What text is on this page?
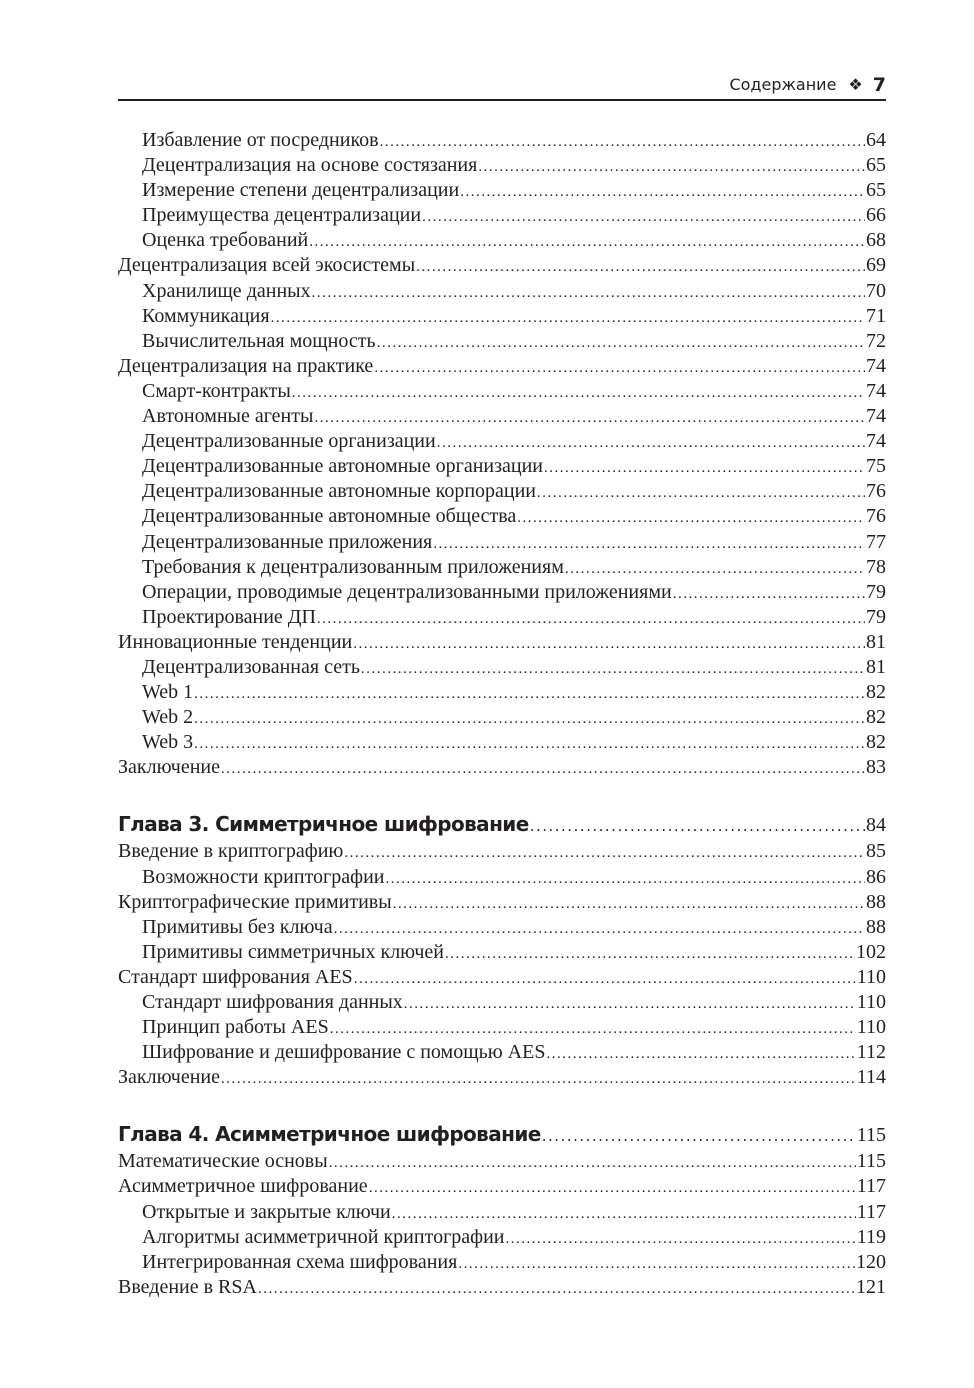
Содержание ❖ 7
Избавление от посредников .....	64
Децентрализация на основе состязания .....	65
Измерение степени децентрализации .....	65
Преимущества децентрализации .....	66
Оценка требований .....	68
Децентрализация всей экосистемы .....	69
Хранилище данных .....	70
Коммуникация .....	71
Вычислительная мощность .....	72
Децентрализация на практике .....	74
Смарт-контракты .....	74
Автономные агенты .....	74
Децентрализованные организации .....	74
Децентрализованные автономные организации .....	75
Децентрализованные автономные корпорации .....	76
Децентрализованные автономные общества .....	76
Децентрализованные приложения .....	77
Требования к децентрализованным приложениям .....	78
Операции, проводимые децентрализованными приложениями .....	79
Проектирование ДП .....	79
Инновационные тенденции .....	81
Децентрализованная сеть .....	81
Web 1 .....	82
Web 2 .....	82
Web 3 .....	82
Заключение .....	83
Глава 3. Симметричное шифрование .....	84
Введение в криптографию .....	85
Возможности криптографии .....	86
Криптографические примитивы .....	88
Примитивы без ключа .....	88
Примитивы симметричных ключей .....	102
Стандарт шифрования AES .....	110
Стандарт шифрования данных .....	110
Принцип работы AES .....	110
Шифрование и дешифрование с помощью AES .....	112
Заключение .....	114
Глава 4. Асимметричное шифрование .....	115
Математические основы .....	115
Асимметричное шифрование .....	117
Открытые и закрытые ключи .....	117
Алгоритмы асимметричной криптографии .....	119
Интегрированная схема шифрования .....	120
Введение в RSA .....	121
